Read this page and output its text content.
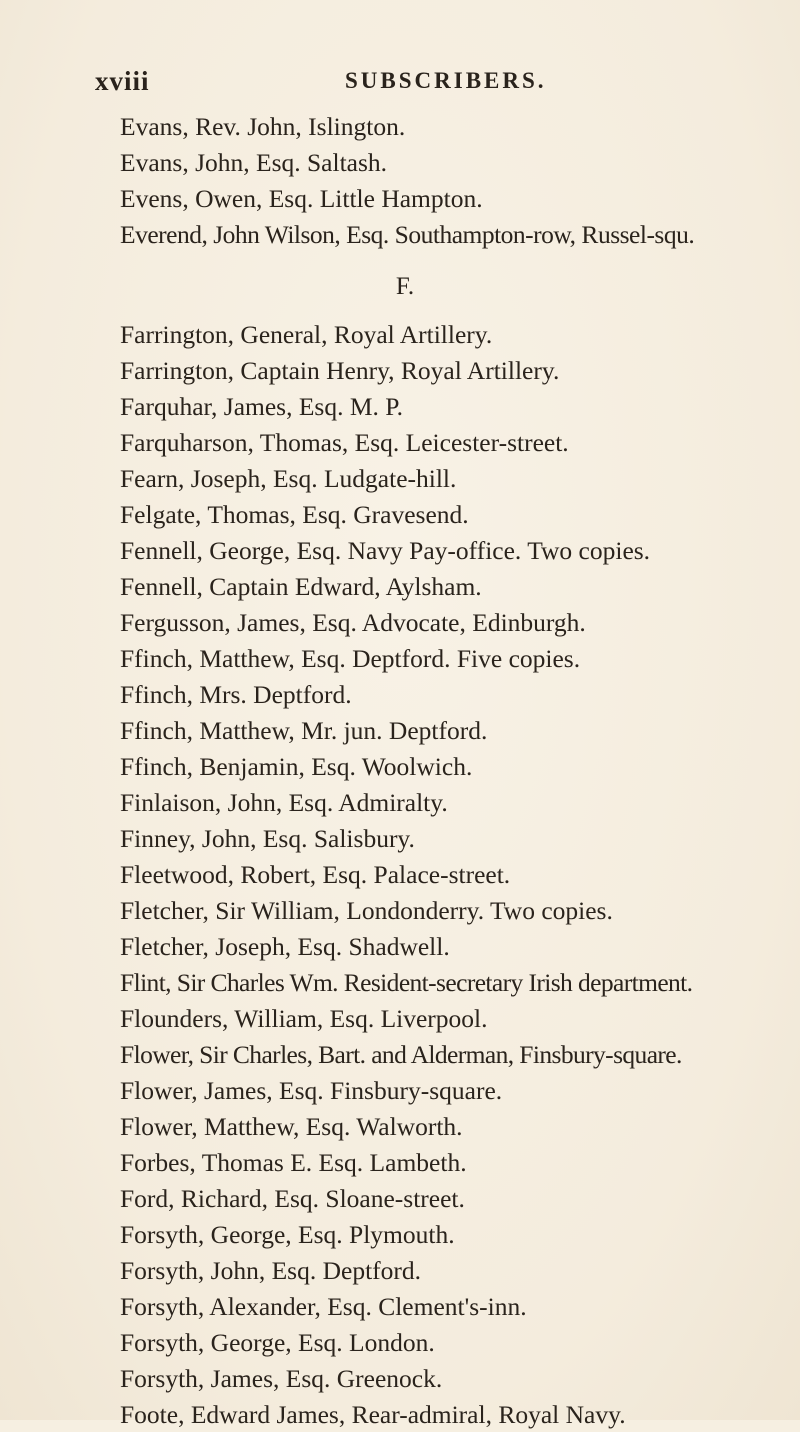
xviii	SUBSCRIBERS.
Evans, Rev. John, Islington.
Evans, John, Esq. Saltash.
Evens, Owen, Esq. Little Hampton.
Everend, John Wilson, Esq. Southampton-row, Russel-squ.
F.
Farrington, General, Royal Artillery.
Farrington, Captain Henry, Royal Artillery.
Farquhar, James, Esq. M. P.
Farquharson, Thomas, Esq. Leicester-street.
Fearn, Joseph, Esq. Ludgate-hill.
Felgate, Thomas, Esq. Gravesend.
Fennell, George, Esq. Navy Pay-office. Two copies.
Fennell, Captain Edward, Aylsham.
Fergusson, James, Esq. Advocate, Edinburgh.
Ffinch, Matthew, Esq. Deptford. Five copies.
Ffinch, Mrs. Deptford.
Ffinch, Matthew, Mr. jun. Deptford.
Ffinch, Benjamin, Esq. Woolwich.
Finlaison, John, Esq. Admiralty.
Finney, John, Esq. Salisbury.
Fleetwood, Robert, Esq. Palace-street.
Fletcher, Sir William, Londonderry. Two copies.
Fletcher, Joseph, Esq. Shadwell.
Flint, Sir Charles Wm. Resident-secretary Irish department.
Flounders, William, Esq. Liverpool.
Flower, Sir Charles, Bart. and Alderman, Finsbury-square.
Flower, James, Esq. Finsbury-square.
Flower, Matthew, Esq. Walworth.
Forbes, Thomas E. Esq. Lambeth.
Ford, Richard, Esq. Sloane-street.
Forsyth, George, Esq. Plymouth.
Forsyth, John, Esq. Deptford.
Forsyth, Alexander, Esq. Clement's-inn.
Forsyth, George, Esq. London.
Forsyth, James, Esq. Greenock.
Foote, Edward James, Rear-admiral, Royal Navy.
